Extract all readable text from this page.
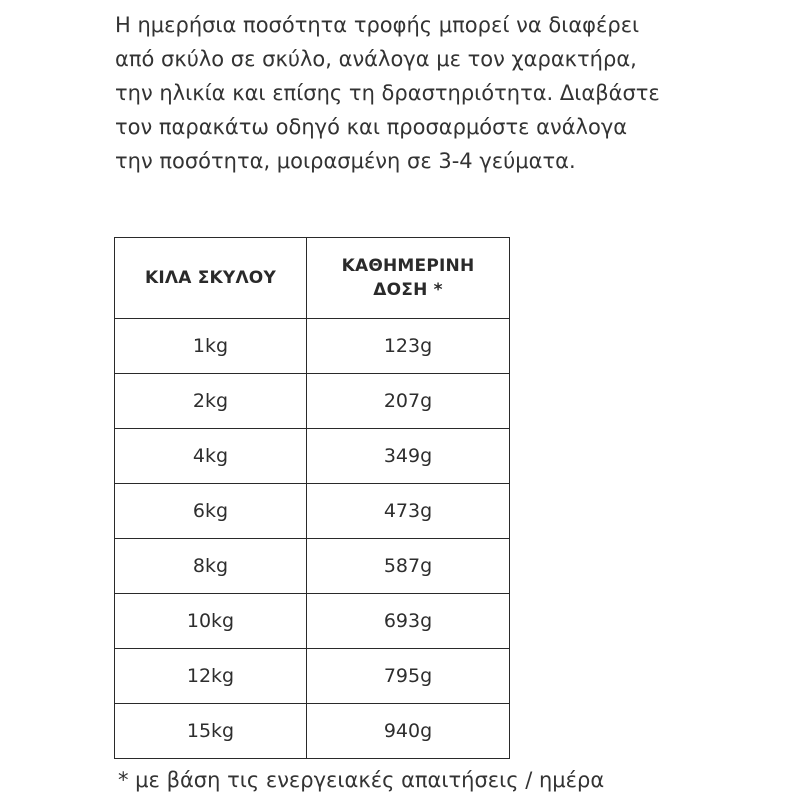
Η ημερήσια ποσότητα τροφής μπορεί να διαφέρει
από σκύλο σε σκύλο, ανάλογα με τον χαρακτήρα,
την ηλικία και επίσης τη δραστηριότητα. Διαβάστε
τον παρακάτω οδηγό και προσαρμόστε ανάλογα
την ποσότητα, μοιρασμένη σε 3-4 γεύματα.

ΚΙΛΑ ΣΚΥΛΟΥ	ΚΑΘΗΜΕΡΙΝΗ
ΔΟΣΗ *
1kg	123g
2kg	207g
4kg	349g
6kg	473g
8kg	587g
10kg	693g
12kg	795g
15kg	940g

* με βάση τις ενεργειακές απαιτήσεις / ημέρα
